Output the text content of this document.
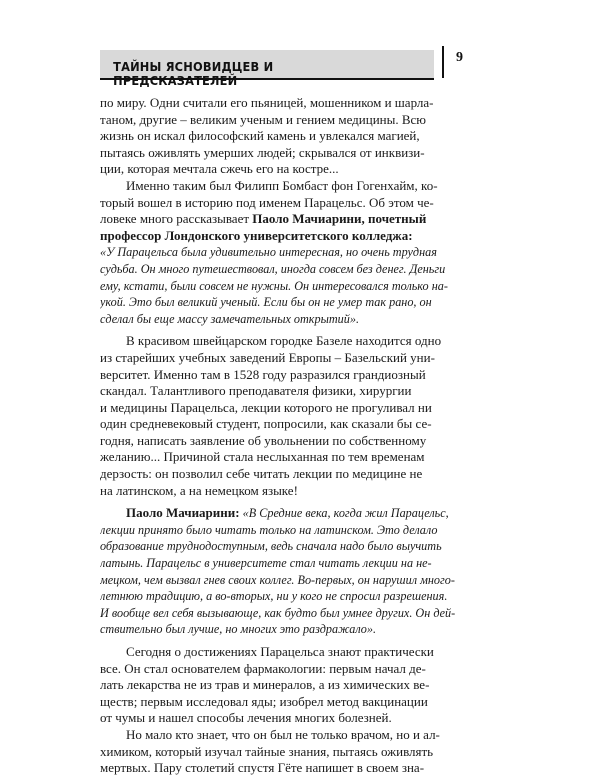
ТАЙНЫ ЯСНОВИДЦЕВ И ПРЕДСКАЗАТЕЛЕЙ
9
по миру. Одни считали его пьяницей, мошенником и шарла-
таном, другие – великим ученым и гением медицины. Всю
жизнь он искал философский камень и увлекался магией,
пытаясь оживлять умерших людей; скрывался от инквизи-
ции, которая мечтала сжечь его на костре...
Именно таким был Филипп Бомбаст фон Гогенхайм, ко-
торый вошел в историю под именем Парацельс. Об этом че-
ловеке много рассказывает Паоло Мачиарини, почетный
профессор Лондонского университетского колледжа:
«У Парацельса была удивительно интересная, но очень трудная
судьба. Он много путешествовал, иногда совсем без денег. Деньги
ему, кстати, были совсем не нужны. Он интересовался только на-
укой. Это был великий ученый. Если бы он не умер так рано, он
сделал бы еще массу замечательных открытий».
В красивом швейцарском городке Базеле находится одно
из старейших учебных заведений Европы – Базельский уни-
верситет. Именно там в 1528 году разразился грандиозный
скандал. Талантливого преподавателя физики, хирургии
и медицины Парацельса, лекции которого не прогуливал ни
один средневековый студент, попросили, как сказали бы се-
годня, написать заявление об увольнении по собственному
желанию... Причиной стала неслыханная по тем временам
дерзость: он позволил себе читать лекции по медицине не
на латинском, а на немецком языке!
Паоло Мачиарини: «В Средние века, когда жил Парацельс,
лекции принято было читать только на латинском. Это делало
образование труднодоступным, ведь сначала надо было выучить
латынь. Парацельс в университете стал читать лекции на не-
мецком, чем вызвал гнев своих коллег. Во-первых, он нарушил много-
летнюю традицию, а во-вторых, ни у кого не спросил разрешения.
И вообще вел себя вызывающе, как будто был умнее других. Он дей-
ствительно был лучше, но многих это раздражало».
Сегодня о достижениях Парацельса знают практически
все. Он стал основателем фармакологии: первым начал де-
лать лекарства не из трав и минералов, а из химических ве-
ществ; первым исследовал яды; изобрел метод вакцинации
от чумы и нашел способы лечения многих болезней.
Но мало кто знает, что он был не только врачом, но и ал-
химиком, который изучал тайные знания, пытаясь оживлять
мертвых. Пару столетий спустя Гёте напишет в своем зна-
